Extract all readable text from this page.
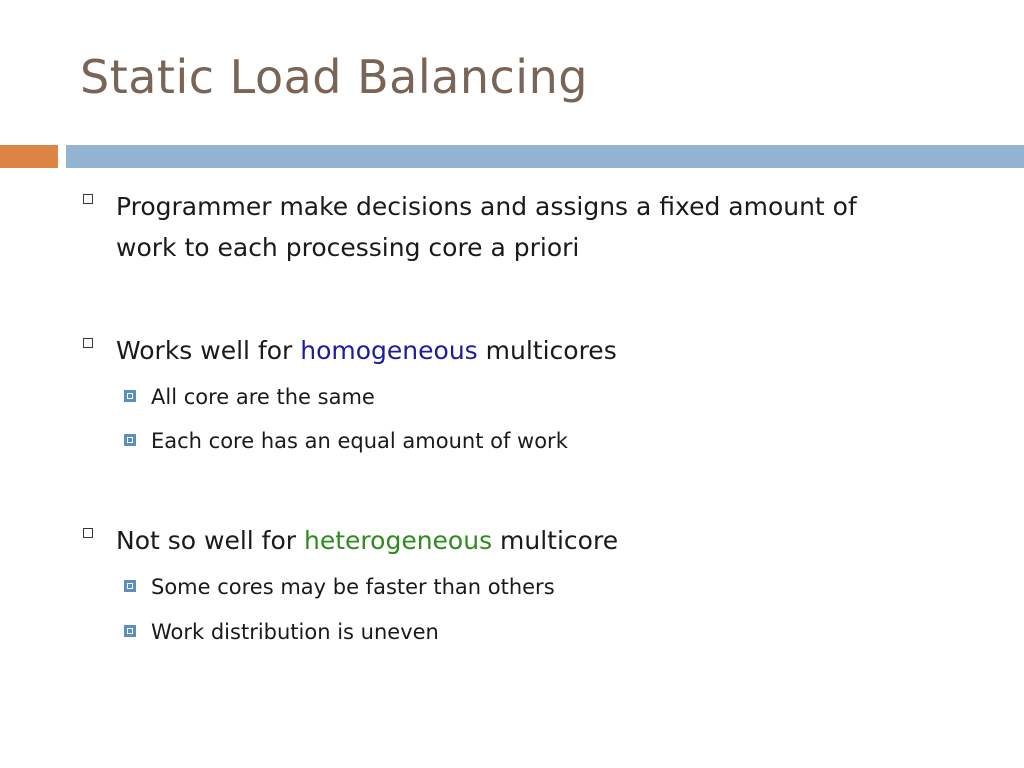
Static Load Balancing
Programmer make decisions and assigns a fixed amount of
work to each processing core a priori
Works well for homogeneous multicores
All core are the same
Each core has an equal amount of work
Not so well for heterogeneous multicore
Some cores may be faster than others
Work distribution is uneven
